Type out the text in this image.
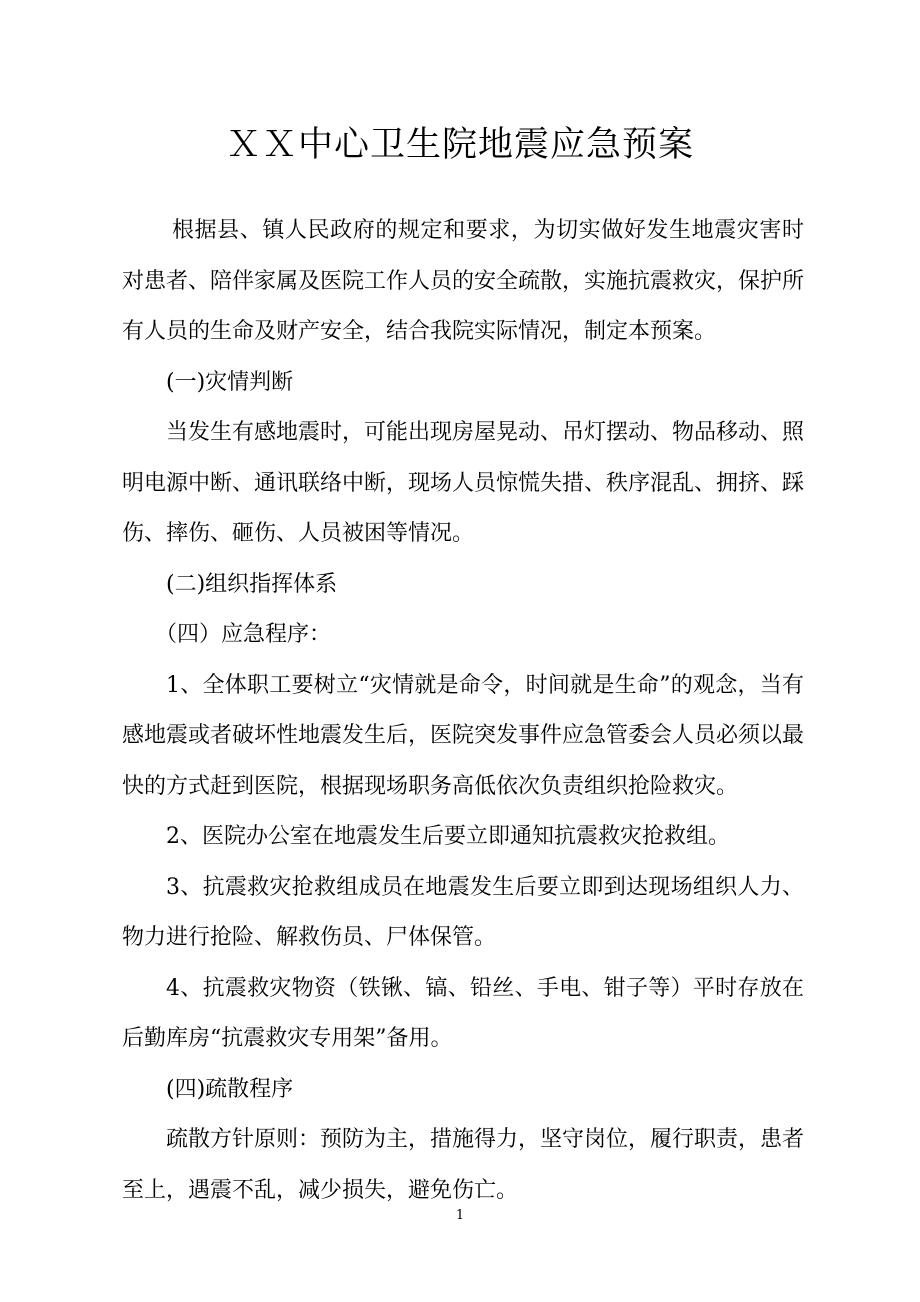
ＸＸ中心卫生院地震应急预案

根据县、镇人民政府的规定和要求，为切实做好发生地震灾害时对患者、陪伴家属及医院工作人员的安全疏散，实施抗震救灾，保护所有人员的生命及财产安全，结合我院实际情况，制定本预案。

(一)灾情判断

当发生有感地震时，可能出现房屋晃动、吊灯摆动、物品移动、照明电源中断、通讯联络中断，现场人员惊慌失措、秩序混乱、拥挤、踩伤、摔伤、砸伤、人员被困等情况。

(二)组织指挥体系

（四）应急程序：

1、全体职工要树立“灾情就是命令，时间就是生命”的观念，当有感地震或者破坏性地震发生后，医院突发事件应急管委会人员必须以最快的方式赶到医院，根据现场职务高低依次负责组织抢险救灾。

2、医院办公室在地震发生后要立即通知抗震救灾抢救组。

3、抗震救灾抢救组成员在地震发生后要立即到达现场组织人力、物力进行抢险、解救伤员、尸体保管。

4、抗震救灾物资（铁锹、镐、铅丝、手电、钳子等）平时存放在后勤库房“抗震救灾专用架”备用。

(四)疏散程序

疏散方针原则：预防为主，措施得力，坚守岗位，履行职责，患者至上，遇震不乱，减少损失，避免伤亡。

1
